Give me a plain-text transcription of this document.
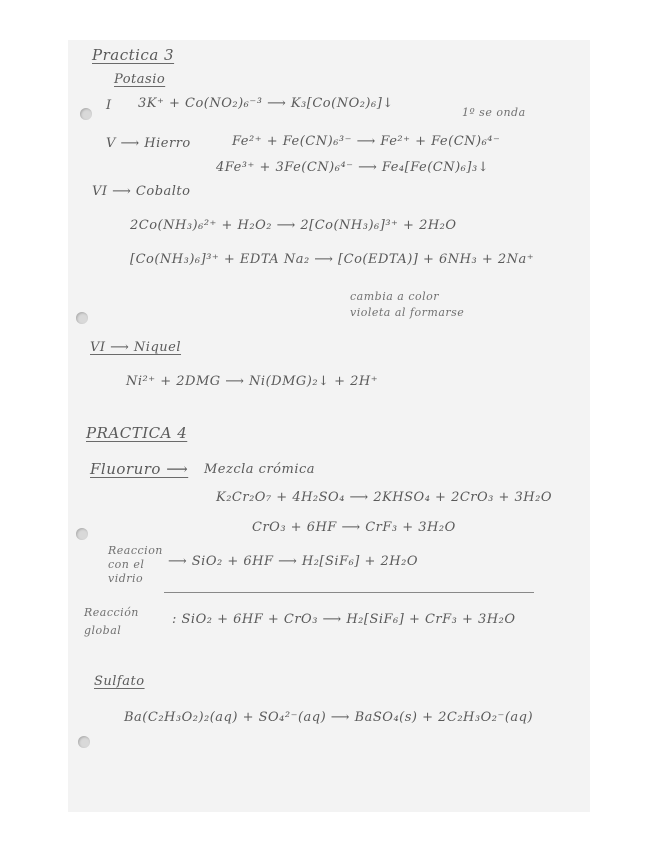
Practica 3
Potasio
I 3K⁺ + Co(NO₂)₆⁻³ ⟶ K₃[Co(NO₂)₆]↓
1º se onda
V ⟶ Hierro	Fe²⁺ + Fe(CN)₆³⁻ ⟶ Fe²⁺ + Fe(CN)₆⁴⁻
4Fe³⁺ + 3Fe(CN)₆⁴⁻ ⟶ Fe₄[Fe(CN)₆]₃↓
VI ⟶ Cobalto
2Co(NH₃)₆²⁺ + H₂O₂ ⟶ 2[Co(NH₃)₆]³⁺ + 2H₂O
[Co(NH₃)₆]³⁺ + EDTA Na₂ ⟶ [Co(EDTA)] + 6NH₃ + 2Na⁺
cambia a color
violeta al formarse
VI ⟶ Niquel
Ni²⁺ + 2DMG ⟶ Ni(DMG)₂↓ + 2H⁺
PRACTICA 4
Fluoruro ⟶ Mezcla crómica
K₂Cr₂O₇ + 4H₂SO₄ ⟶ 2KHSO₄ + 2CrO₃ + 3H₂O
CrO₃ + 6HF ⟶ CrF₃ + 3H₂O
Reaccion
con el
vidrio
⟶ SiO₂ + 6HF ⟶ H₂[SiF₆] + 2H₂O
Reacción
global
: SiO₂ + 6HF + CrO₃ ⟶ H₂[SiF₆] + CrF₃ + 3H₂O
Sulfato
Ba(C₂H₃O₂)₂(aq) + SO₄²⁻(aq) ⟶ BaSO₄(s) + 2C₂H₃O₂⁻(aq)
